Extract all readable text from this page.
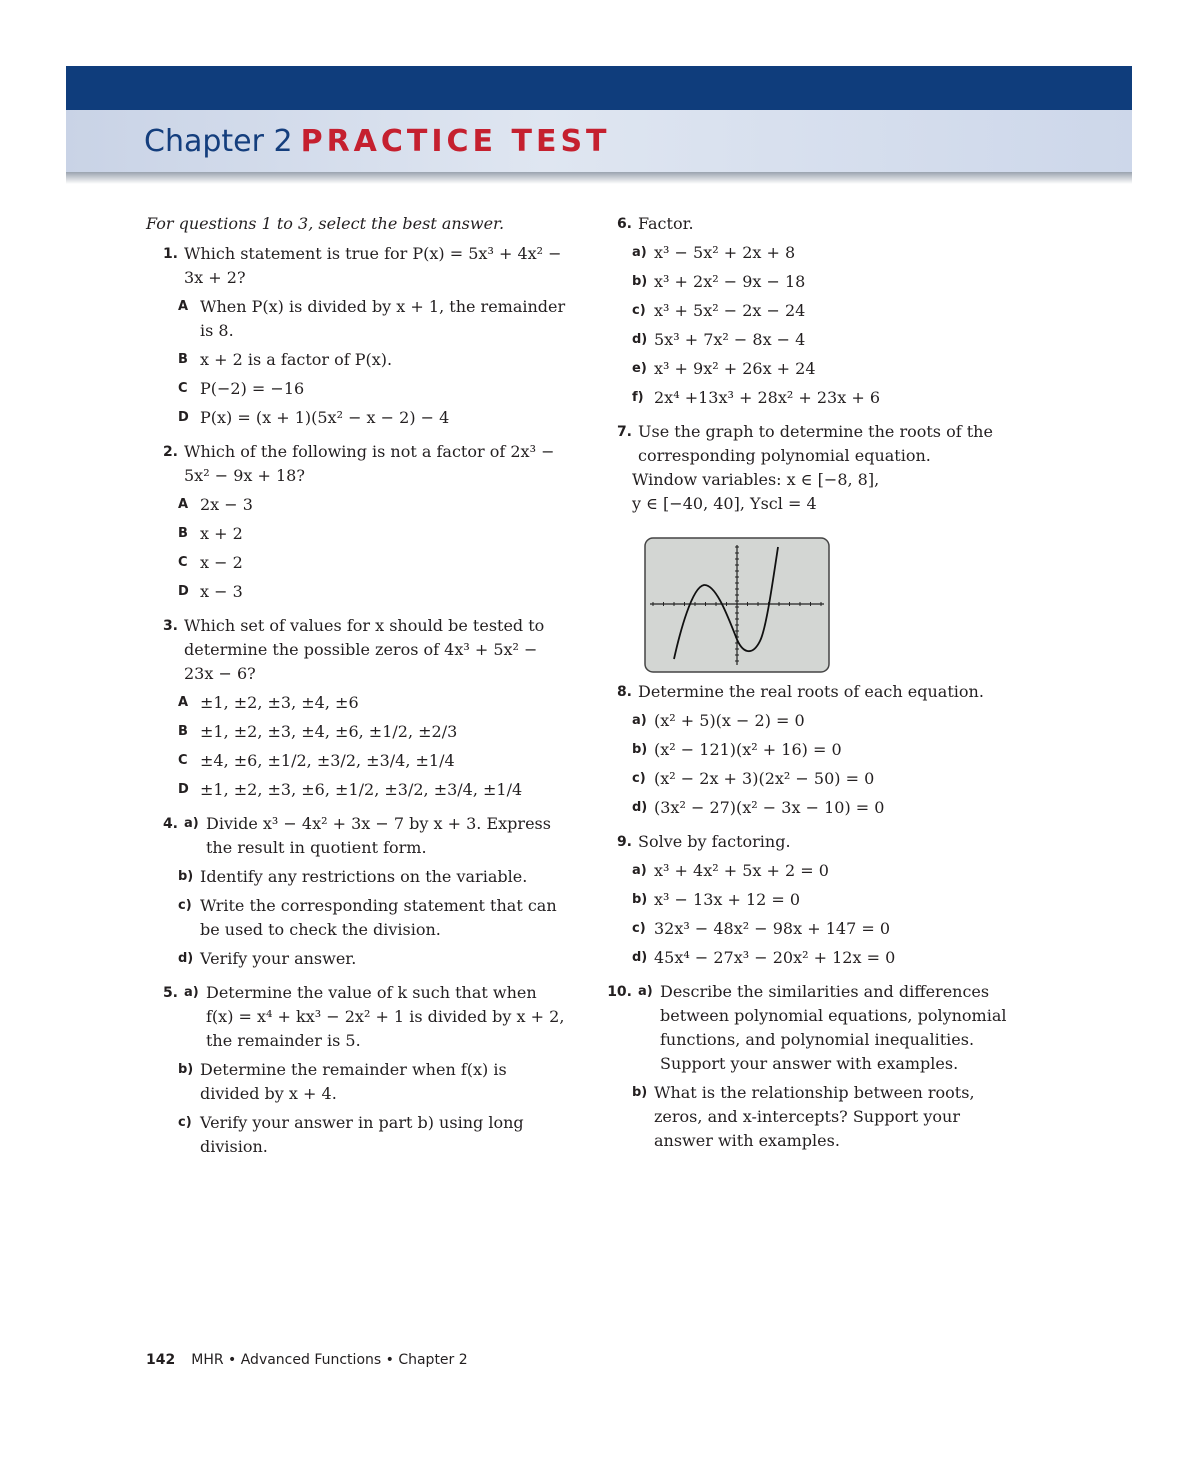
Chapter 2 PRACTICE TEST
For questions 1 to 3, select the best answer.
1. Which statement is true for P(x) = 5x³ + 4x² − 3x + 2?
A When P(x) is divided by x + 1, the remainder is 8.
B x + 2 is a factor of P(x).
C P(−2) = −16
D P(x) = (x + 1)(5x² − x − 2) − 4
2. Which of the following is not a factor of 2x³ − 5x² − 9x + 18?
A 2x − 3
B x + 2
C x − 2
D x − 3
3. Which set of values for x should be tested to determine the possible zeros of 4x³ + 5x² − 23x − 6?
A ±1, ±2, ±3, ±4, ±6
B ±1, ±2, ±3, ±4, ±6, ±1/2, ±2/3
C ±4, ±6, ±1/2, ±3/2, ±3/4, ±1/4
D ±1, ±2, ±3, ±6, ±1/2, ±3/2, ±3/4, ±1/4
4. a) Divide x³ − 4x² + 3x − 7 by x + 3. Express the result in quotient form.
b) Identify any restrictions on the variable.
c) Write the corresponding statement that can be used to check the division.
d) Verify your answer.
5. a) Determine the value of k such that when f(x) = x⁴ + kx³ − 2x² + 1 is divided by x + 2, the remainder is 5.
b) Determine the remainder when f(x) is divided by x + 4.
c) Verify your answer in part b) using long division.
6. Factor.
a) x³ − 5x² + 2x + 8
b) x³ + 2x² − 9x − 18
c) x³ + 5x² − 2x − 24
d) 5x³ + 7x² − 8x − 4
e) x³ + 9x² + 26x + 24
f) 2x⁴ +13x³ + 28x² + 23x + 6
7. Use the graph to determine the roots of the corresponding polynomial equation.
Window variables: x ∈ [−8, 8],
y ∈ [−40, 40], Yscl = 4
8. Determine the real roots of each equation.
a) (x² + 5)(x − 2) = 0
b) (x² − 121)(x² + 16) = 0
c) (x² − 2x + 3)(2x² − 50) = 0
d) (3x² − 27)(x² − 3x − 10) = 0
9. Solve by factoring.
a) x³ + 4x² + 5x + 2 = 0
b) x³ − 13x + 12 = 0
c) 32x³ − 48x² − 98x + 147 = 0
d) 45x⁴ − 27x³ − 20x² + 12x = 0
10. a) Describe the similarities and differences between polynomial equations, polynomial functions, and polynomial inequalities. Support your answer with examples.
b) What is the relationship between roots, zeros, and x-intercepts? Support your answer with examples.
142 MHR • Advanced Functions • Chapter 2
